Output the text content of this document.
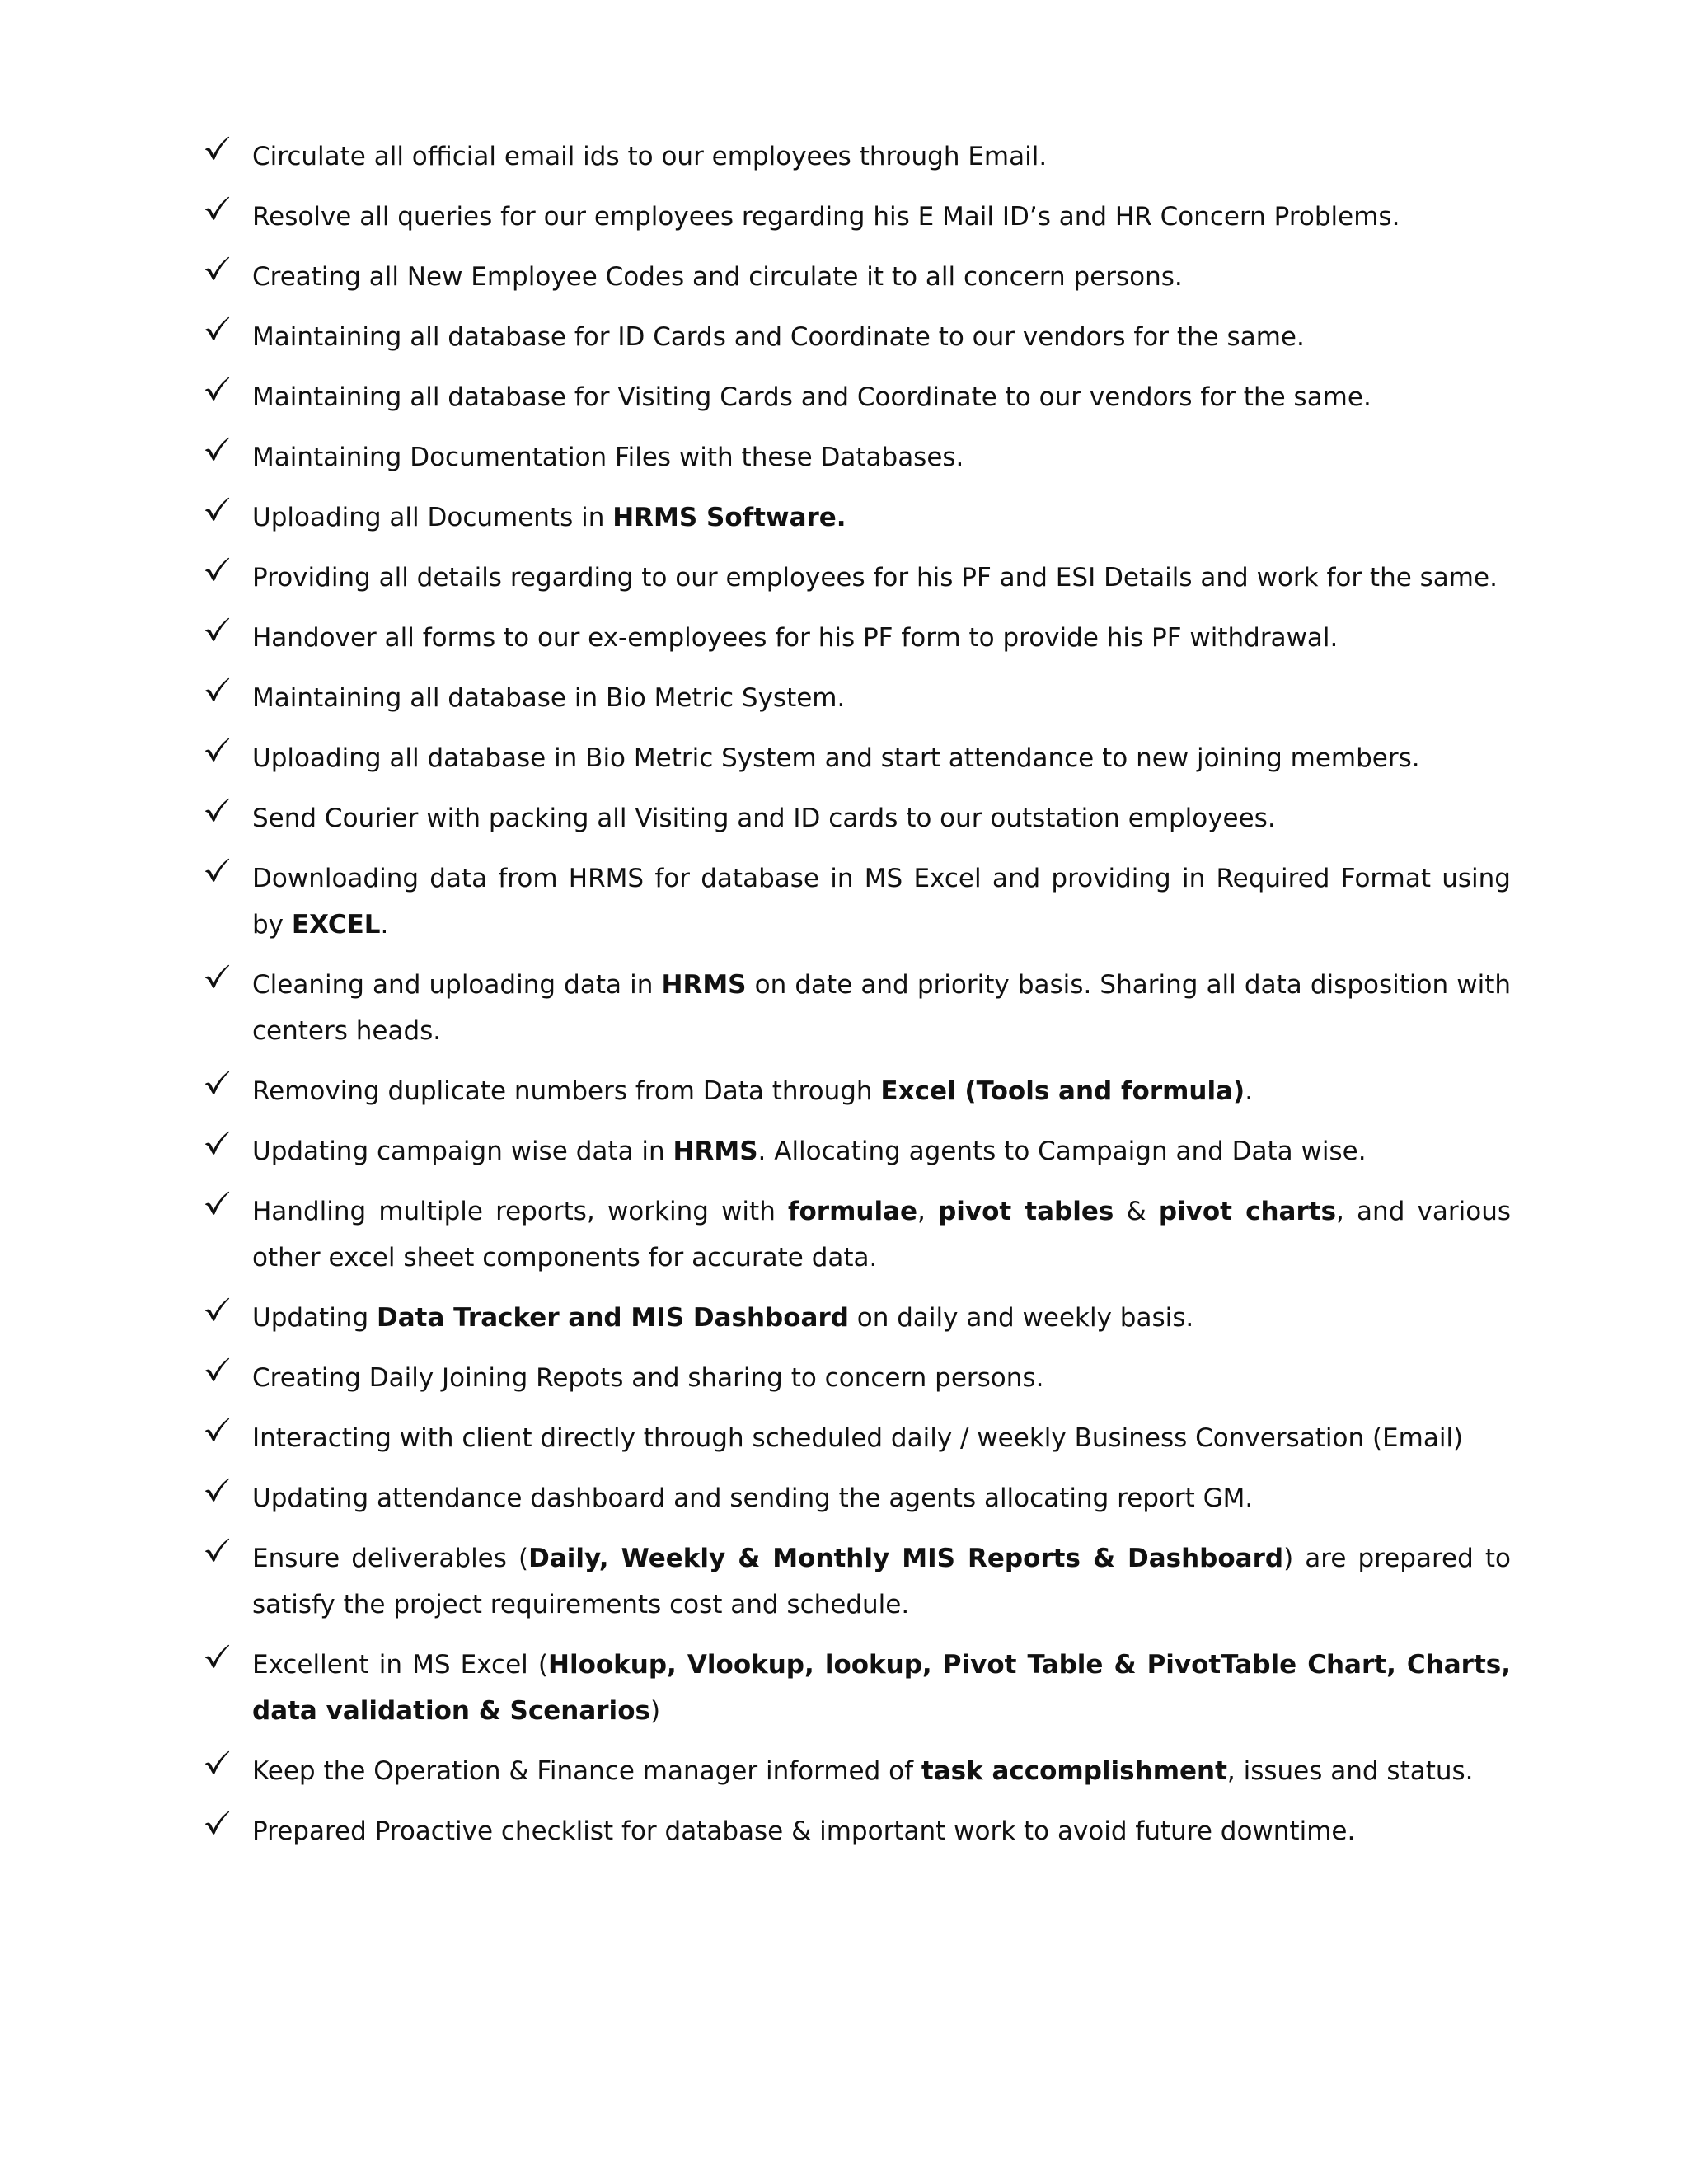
Circulate all official email ids to our employees through Email.
Resolve all queries for our employees regarding his E Mail ID’s and HR Concern Problems.
Creating all New Employee Codes and circulate it to all concern persons.
Maintaining all database for ID Cards and Coordinate to our vendors for the same.
Maintaining all database for Visiting Cards and Coordinate to our vendors for the same.
Maintaining Documentation Files with these Databases.
Uploading all Documents in HRMS Software.
Providing all details regarding to our employees for his PF and ESI Details and work for the same.
Handover all forms to our ex-employees for his PF form to provide his PF withdrawal.
Maintaining all database in Bio Metric System.
Uploading all database in Bio Metric System and start attendance to new joining members.
Send Courier with packing all Visiting and ID cards to our outstation employees.
Downloading data from HRMS for database in MS Excel and providing in Required Format using by EXCEL.
Cleaning and uploading data in HRMS on date and priority basis. Sharing all data disposition with centers heads.
Removing duplicate numbers from Data through Excel (Tools and formula).
Updating campaign wise data in HRMS. Allocating agents to Campaign and Data wise.
Handling multiple reports, working with formulae, pivot tables & pivot charts, and various other excel sheet components for accurate data.
Updating Data Tracker and MIS Dashboard on daily and weekly basis.
Creating Daily Joining Repots and sharing to concern persons.
Interacting with client directly through scheduled daily / weekly Business Conversation (Email)
Updating attendance dashboard and sending the agents allocating report GM.
Ensure deliverables (Daily, Weekly & Monthly MIS Reports & Dashboard) are prepared to satisfy the project requirements cost and schedule.
Excellent in MS Excel (Hlookup, Vlookup, lookup, Pivot Table & PivotTable Chart, Charts, data validation & Scenarios)
Keep the Operation & Finance manager informed of task accomplishment, issues and status.
Prepared Proactive checklist for database & important work to avoid future downtime.
